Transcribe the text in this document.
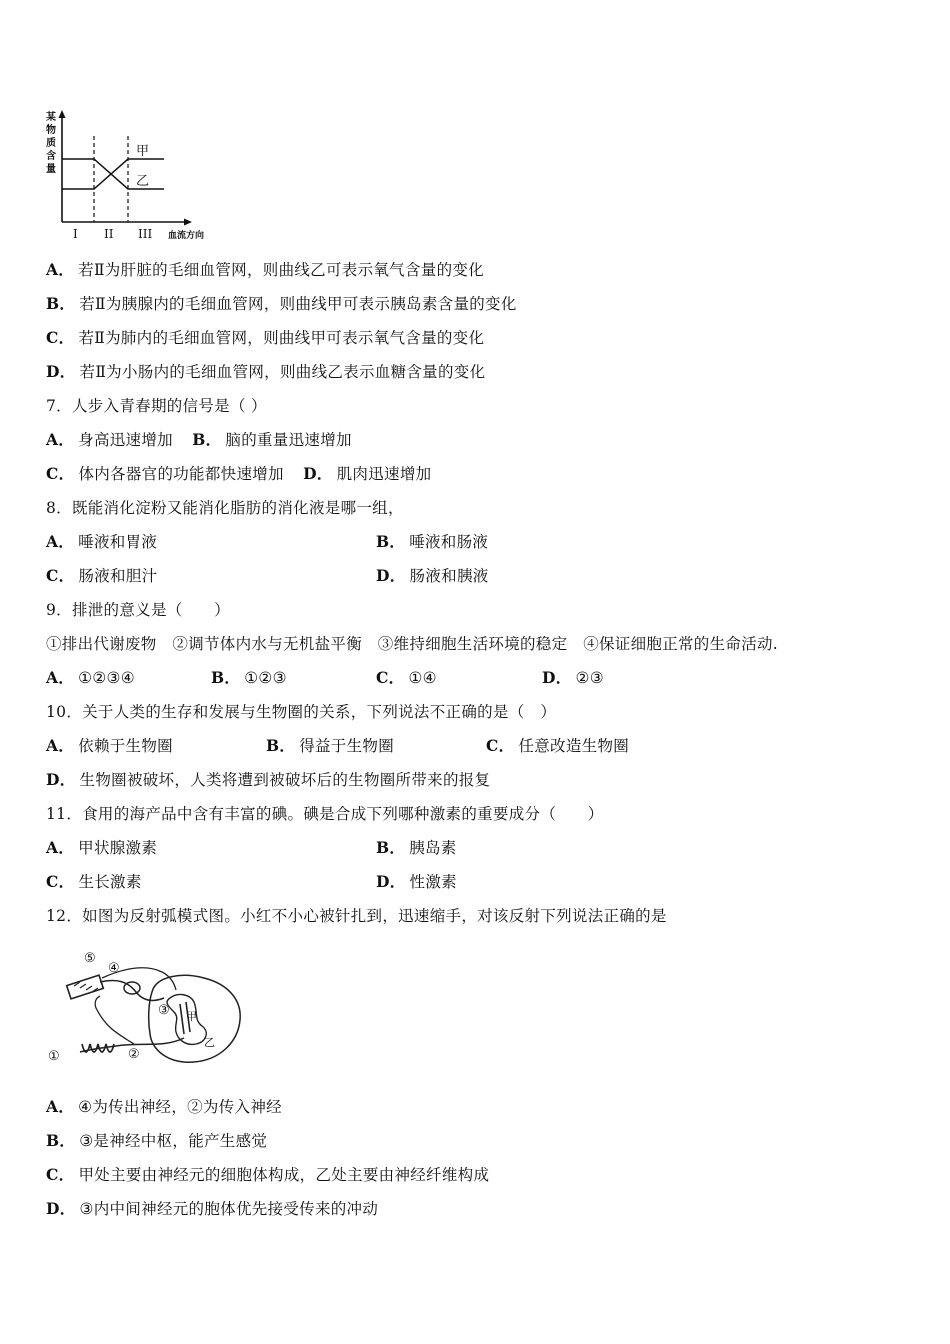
某
物
质
含
量
甲
乙
I II III 血流方向
A． 若Ⅱ为肝脏的毛细血管网，则曲线乙可表示氧气含量的变化
B． 若Ⅱ为胰腺内的毛细血管网，则曲线甲可表示胰岛素含量的变化
C． 若Ⅱ为肺内的毛细血管网，则曲线甲可表示氧气含量的变化
D． 若Ⅱ为小肠内的毛细血管网，则曲线乙表示血糖含量的变化
7．人步入青春期的信号是（ ）
A． 身高迅速增加 B． 脑的重量迅速增加
C． 体内各器官的功能都快速增加 D． 肌肉迅速增加
8．既能消化淀粉又能消化脂肪的消化液是哪一组，
A． 唾液和胃液	B． 唾液和肠液
C． 肠液和胆汁	D． 肠液和胰液
9．排泄的意义是（　　）
①排出代谢废物　②调节体内水与无机盐平衡　③维持细胞生活环境的稳定　④保证细胞正常的生命活动.
A． ①②③④	B． ①②③	C． ①④	D． ②③
10．关于人类的生存和发展与生物圈的关系，下列说法不正确的是（　）
A． 依赖于生物圈	B． 得益于生物圈	C． 任意改造生物圈
D． 生物圈被破坏，人类将遭到被破坏后的生物圈所带来的报复
11．食用的海产品中含有丰富的碘。碘是合成下列哪种激素的重要成分（　　）
A． 甲状腺激素	B． 胰岛素
C． 生长激素	D． 性激素
12．如图为反射弧模式图。小红不小心被针扎到，迅速缩手，对该反射下列说法正确的是
⑤
④
③
②
①
甲
乙
A． ④为传出神经，②为传入神经
B． ③是神经中枢，能产生感觉
C． 甲处主要由神经元的细胞体构成，乙处主要由神经纤维构成
D． ③内中间神经元的胞体优先接受传来的冲动
